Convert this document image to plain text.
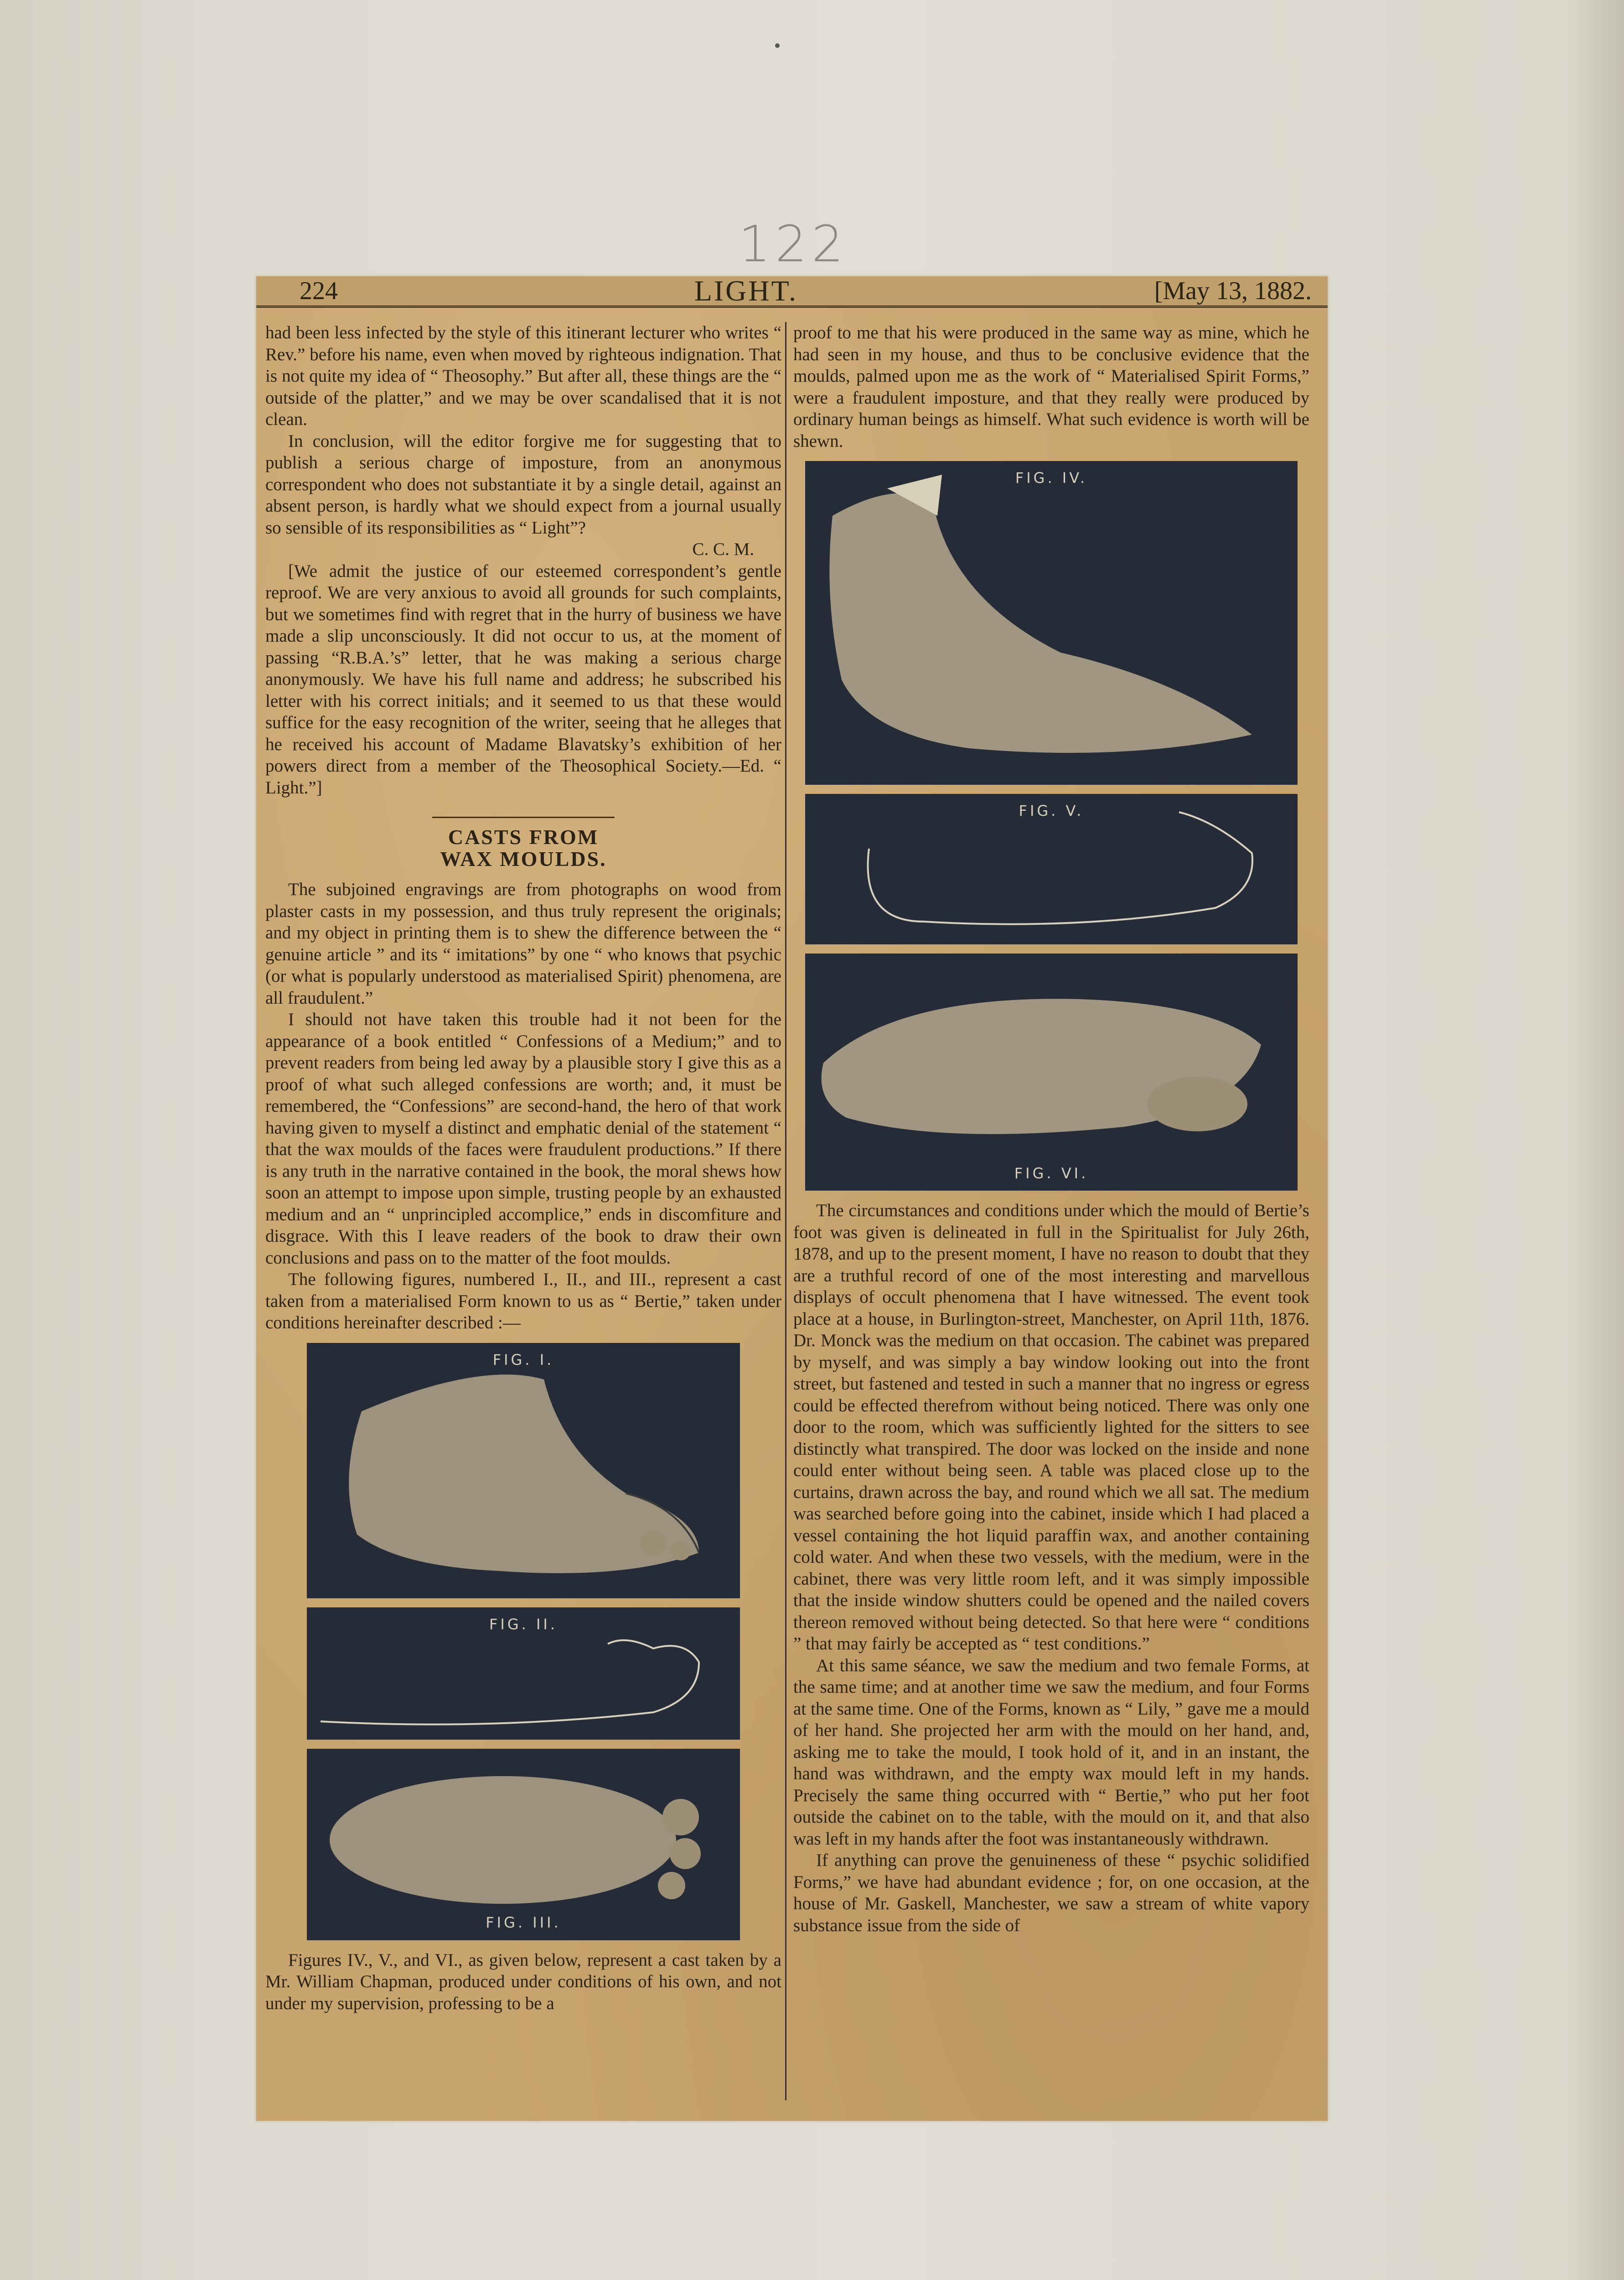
122
224	LIGHT.	[May 13, 1882.

had been less infected by the style of this itinerant lecturer who writes “ Rev.” before his name, even when moved by righteous indignation. That is not quite my idea of “ Theosophy.” But after all, these things are the “ outside of the platter,” and we may be over scandalised that it is not clean.

In conclusion, will the editor forgive me for suggesting that to publish a serious charge of imposture, from an anonymous correspondent who does not substantiate it by a single detail, against an absent person, is hardly what we should expect from a journal usually so sensible of its responsibilities as “ Light”?

C. C. M.

[We admit the justice of our esteemed correspondent’s gentle reproof. We are very anxious to avoid all grounds for such complaints, but we sometimes find with regret that in the hurry of business we have made a slip unconsciously. It did not occur to us, at the moment of passing “R.B.A.’s” letter, that he was making a serious charge anonymously. We have his full name and address; he subscribed his letter with his correct initials; and it seemed to us that these would suffice for the easy recognition of the writer, seeing that he alleges that he received his account of Madame Blavatsky’s exhibition of her powers direct from a member of the Theosophical Society.—Ed. “ Light.”]

CASTS FROM WAX MOULDS.

The subjoined engravings are from photographs on wood from plaster casts in my possession, and thus truly represent the originals; and my object in printing them is to shew the difference between the “ genuine article ” and its “ imitations” by one “ who knows that psychic (or what is popularly understood as materialised Spirit) phenomena, are all fraudulent.”

I should not have taken this trouble had it not been for the appearance of a book entitled “ Confessions of a Medium;” and to prevent readers from being led away by a plausible story I give this as a proof of what such alleged confessions are worth; and, it must be remembered, the “Confessions” are second-hand, the hero of that work having given to myself a distinct and emphatic denial of the statement “ that the wax moulds of the faces were fraudulent productions.” If there is any truth in the narrative contained in the book, the moral shews how soon an attempt to impose upon simple, trusting people by an exhausted medium and an “ unprincipled accomplice,” ends in discomfiture and disgrace. With this I leave readers of the book to draw their own conclusions and pass on to the matter of the foot moulds.

The following figures, numbered I., II., and III., represent a cast taken from a materialised Form known to us as “ Bertie,” taken under conditions hereinafter described :—

FIG. I.
FIG. II.
FIG. III.

Figures IV., V., and VI., as given below, represent a cast taken by a Mr. William Chapman, produced under conditions of his own, and not under my supervision, professing to be a

proof to me that his were produced in the same way as mine, which he had seen in my house, and thus to be conclusive evidence that the moulds, palmed upon me as the work of “ Materialised Spirit Forms,” were a fraudulent imposture, and that they really were produced by ordinary human beings as himself. What such evidence is worth will be shewn.

FIG. IV.
FIG. V.
FIG. VI.

The circumstances and conditions under which the mould of Bertie’s foot was given is delineated in full in the Spiritualist for July 26th, 1878, and up to the present moment, I have no reason to doubt that they are a truthful record of one of the most interesting and marvellous displays of occult phenomena that I have witnessed. The event took place at a house, in Burlington-street, Manchester, on April 11th, 1876. Dr. Monck was the medium on that occasion. The cabinet was prepared by myself, and was simply a bay window looking out into the front street, but fastened and tested in such a manner that no ingress or egress could be effected therefrom without being noticed. There was only one door to the room, which was sufficiently lighted for the sitters to see distinctly what transpired. The door was locked on the inside and none could enter without being seen. A table was placed close up to the curtains, drawn across the bay, and round which we all sat. The medium was searched before going into the cabinet, inside which I had placed a vessel containing the hot liquid paraffin wax, and another containing cold water. And when these two vessels, with the medium, were in the cabinet, there was very little room left, and it was simply impossible that the inside window shutters could be opened and the nailed covers thereon removed without being detected. So that here were “ conditions ” that may fairly be accepted as “ test conditions.”

At this same séance, we saw the medium and two female Forms, at the same time; and at another time we saw the medium, and four Forms at the same time. One of the Forms, known as “ Lily, ” gave me a mould of her hand. She projected her arm with the mould on her hand, and, asking me to take the mould, I took hold of it, and in an instant, the hand was withdrawn, and the empty wax mould left in my hands. Precisely the same thing occurred with “ Bertie,” who put her foot outside the cabinet on to the table, with the mould on it, and that also was left in my hands after the foot was instantaneously withdrawn.

If anything can prove the genuineness of these “ psychic solidified Forms,” we have had abundant evidence ; for, on one occasion, at the house of Mr. Gaskell, Manchester, we saw a stream of white vapory substance issue from the side of
